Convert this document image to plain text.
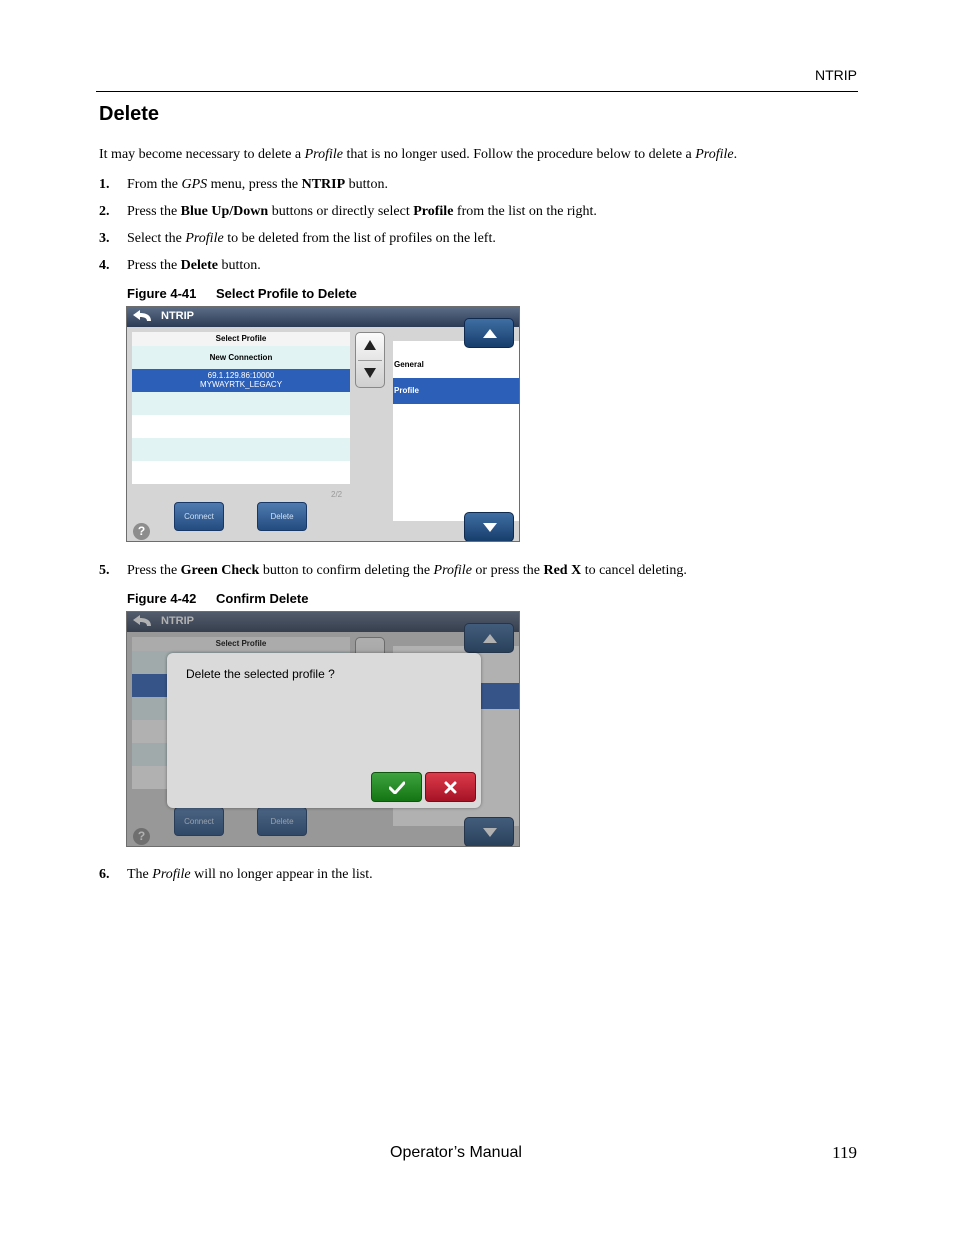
NTRIP
Delete
It may become necessary to delete a Profile that is no longer used. Follow the procedure below to delete a Profile.
1. From the GPS menu, press the NTRIP button.
2. Press the Blue Up/Down buttons or directly select Profile from the list on the right.
3. Select the Profile to be deleted from the list of profiles on the left.
4. Press the Delete button.
Figure 4-41 Select Profile to Delete
NTRIP
Select Profile
New Connection
69.1.129.86:10000
MYWAYRTK_LEGACY
2/2
General
Profile
Connect	Delete
?
5. Press the Green Check button to confirm deleting the Profile or press the Red X to cancel deleting.
Figure 4-42 Confirm Delete
NTRIP
Select Profile
Connect	Delete
?
Delete the selected profile ?
6. The Profile will no longer appear in the list.
Operator’s Manual	119
